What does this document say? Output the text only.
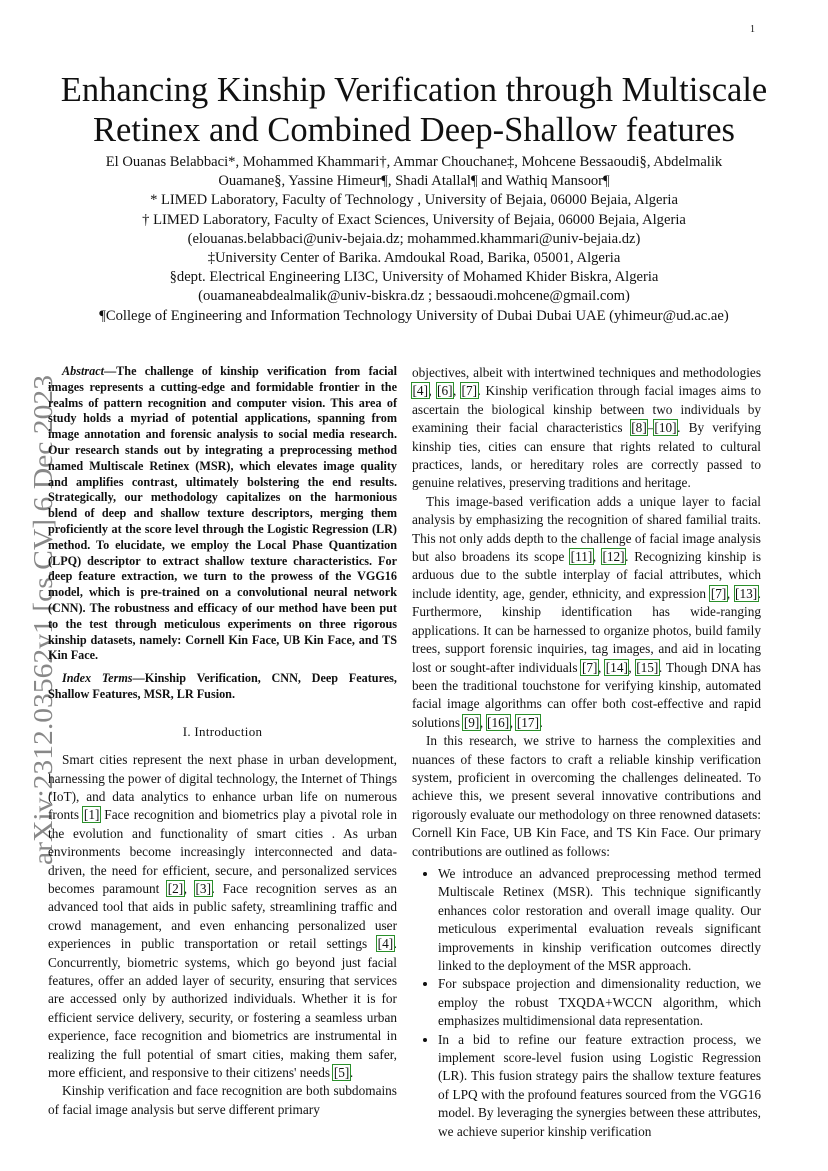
1
arXiv:2312.03562v1 [cs.CV] 6 Dec 2023
Enhancing Kinship Verification through Multiscale Retinex and Combined Deep-Shallow features
El Ouanas Belabbaci*, Mohammed Khammari†, Ammar Chouchane‡, Mohcene Bessaoudi§, Abdelmalik
Ouamane§, Yassine Himeur¶, Shadi Atallal¶ and Wathiq Mansoor¶
* LIMED Laboratory, Faculty of Technology , University of Bejaia, 06000 Bejaia, Algeria
† LIMED Laboratory, Faculty of Exact Sciences, University of Bejaia, 06000 Bejaia, Algeria
(elouanas.belabbaci@univ-bejaia.dz; mohammed.khammari@univ-bejaia.dz)
‡University Center of Barika. Amdoukal Road, Barika, 05001, Algeria
§dept. Electrical Engineering LI3C, University of Mohamed Khider Biskra, Algeria
(ouamaneabdealmalik@univ-biskra.dz ; bessaoudi.mohcene@gmail.com)
¶College of Engineering and Information Technology University of Dubai Dubai UAE (yhimeur@ud.ac.ae)

Abstract—The challenge of kinship verification from facial images represents a cutting-edge and formidable frontier in the realms of pattern recognition and computer vision. This area of study holds a myriad of potential applications, spanning from image annotation and forensic analysis to social media research. Our research stands out by integrating a preprocessing method named Multiscale Retinex (MSR), which elevates image quality and amplifies contrast, ultimately bolstering the end results. Strategically, our methodology capitalizes on the harmonious blend of deep and shallow texture descriptors, merging them proficiently at the score level through the Logistic Regression (LR) method. To elucidate, we employ the Local Phase Quantization (LPQ) descriptor to extract shallow texture characteristics. For deep feature extraction, we turn to the prowess of the VGG16 model, which is pre-trained on a convolutional neural network (CNN). The robustness and efficacy of our method have been put to the test through meticulous experiments on three rigorous kinship datasets, namely: Cornell Kin Face, UB Kin Face, and TS Kin Face.

Index Terms—Kinship Verification, CNN, Deep Features, Shallow Features, MSR, LR Fusion.

I. Introduction

Smart cities represent the next phase in urban development, harnessing the power of digital technology, the Internet of Things (IoT), and data analytics to enhance urban life on numerous fronts [1] Face recognition and biometrics play a pivotal role in the evolution and functionality of smart cities . As urban environments become increasingly interconnected and data-driven, the need for efficient, secure, and personalized services becomes paramount [2], [3]. Face recognition serves as an advanced tool that aids in public safety, streamlining traffic and crowd management, and even enhancing personalized user experiences in public transportation or retail settings [4]. Concurrently, biometric systems, which go beyond just facial features, offer an added layer of security, ensuring that services are accessed only by authorized individuals. Whether it is for efficient service delivery, security, or fostering a seamless urban experience, face recognition and biometrics are instrumental in realizing the full potential of smart cities, making them safer, more efficient, and responsive to their citizens' needs [5].

Kinship verification and face recognition are both subdomains of facial image analysis but serve different primary

objectives, albeit with intertwined techniques and methodologies [4], [6], [7]. Kinship verification through facial images aims to ascertain the biological kinship between two individuals by examining their facial characteristics [8]–[10]. By verifying kinship ties, cities can ensure that rights related to cultural practices, lands, or hereditary roles are correctly passed to genuine relatives, preserving traditions and heritage.

This image-based verification adds a unique layer to facial analysis by emphasizing the recognition of shared familial traits. This not only adds depth to the challenge of facial image analysis but also broadens its scope [11], [12]. Recognizing kinship is arduous due to the subtle interplay of facial attributes, which include identity, age, gender, ethnicity, and expression [7], [13]. Furthermore, kinship identification has wide-ranging applications. It can be harnessed to organize photos, build family trees, support forensic inquiries, tag images, and aid in locating lost or sought-after individuals [7], [14], [15]. Though DNA has been the traditional touchstone for verifying kinship, automated facial image algorithms can offer both cost-effective and rapid solutions [9], [16], [17].

In this research, we strive to harness the complexities and nuances of these factors to craft a reliable kinship verification system, proficient in overcoming the challenges delineated. To achieve this, we present several innovative contributions and rigorously evaluate our methodology on three renowned datasets: Cornell Kin Face, UB Kin Face, and TS Kin Face. Our primary contributions are outlined as follows:

• We introduce an advanced preprocessing method termed Multiscale Retinex (MSR). This technique significantly enhances color restoration and overall image quality. Our meticulous experimental evaluation reveals significant improvements in kinship verification outcomes directly linked to the deployment of the MSR approach.
• For subspace projection and dimensionality reduction, we employ the robust TXQDA+WCCN algorithm, which emphasizes multidimensional data representation.
• In a bid to refine our feature extraction process, we implement score-level fusion using Logistic Regression (LR). This fusion strategy pairs the shallow texture features of LPQ with the profound features sourced from the VGG16 model. By leveraging the synergies between these attributes, we achieve superior kinship verification
